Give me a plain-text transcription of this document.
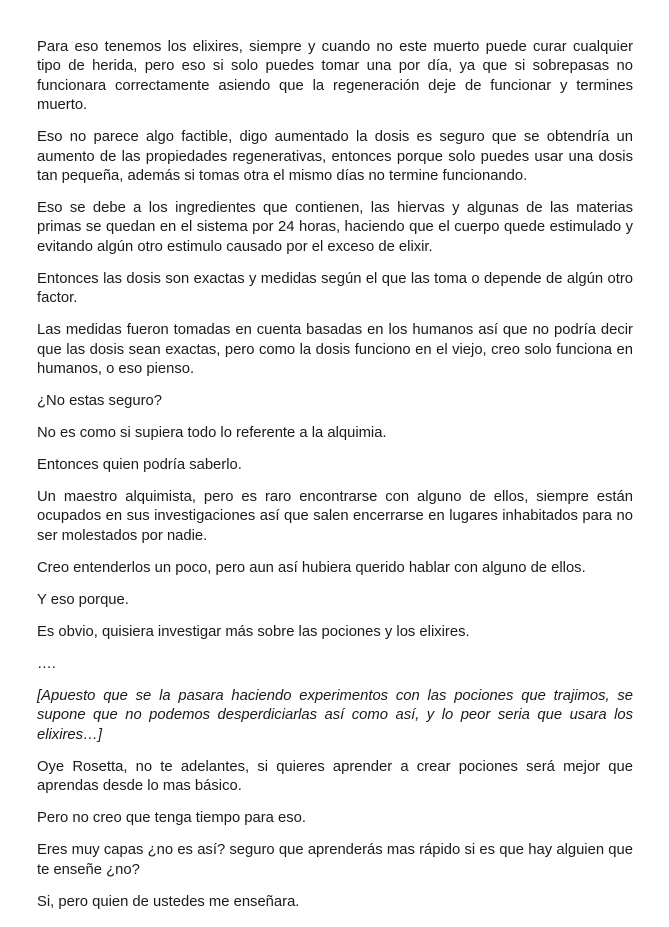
Para eso tenemos los elixires, siempre y cuando no este muerto puede curar cualquier tipo de herida, pero eso si solo puedes tomar una por día, ya que si sobrepasas no funcionara correctamente asiendo que la regeneración deje de funcionar y termines muerto.

Eso no parece algo factible, digo aumentado la dosis es seguro que se obtendría un aumento de las propiedades regenerativas, entonces porque solo puedes usar una dosis tan pequeña, además si tomas otra el mismo días no termine funcionando.

Eso se debe a los ingredientes que contienen, las hiervas y algunas de las materias primas se quedan en el sistema por 24 horas, haciendo que el cuerpo quede estimulado y evitando algún otro estimulo causado por el exceso de elixir.

Entonces las dosis son exactas y medidas según el que las toma o depende de algún otro factor.

Las medidas fueron tomadas en cuenta basadas en los humanos así que no podría decir que las dosis sean exactas, pero como la dosis funciono en el viejo, creo solo funciona en humanos, o eso pienso.

¿No estas seguro?

No es como si supiera todo lo referente a la alquimia.

Entonces quien podría saberlo.

Un maestro alquimista, pero es raro encontrarse con alguno de ellos, siempre están ocupados en sus investigaciones así que salen encerrarse en lugares inhabitados para no ser molestados por nadie.

Creo entenderlos un poco, pero aun así hubiera querido hablar con alguno de ellos.

Y eso porque.

Es obvio, quisiera investigar más sobre las pociones y los elixires.

….

[Apuesto que se la pasara haciendo experimentos con las pociones que trajimos, se supone que no podemos desperdiciarlas así como así, y lo peor seria que usara los elixires…]

Oye Rosetta, no te adelantes, si quieres aprender a crear pociones será mejor que aprendas desde lo mas básico.

Pero no creo que tenga tiempo para eso.

Eres muy capas ¿no es así? seguro que aprenderás mas rápido si es que hay alguien que te enseñe ¿no?

Si, pero quien de ustedes me enseñara.
